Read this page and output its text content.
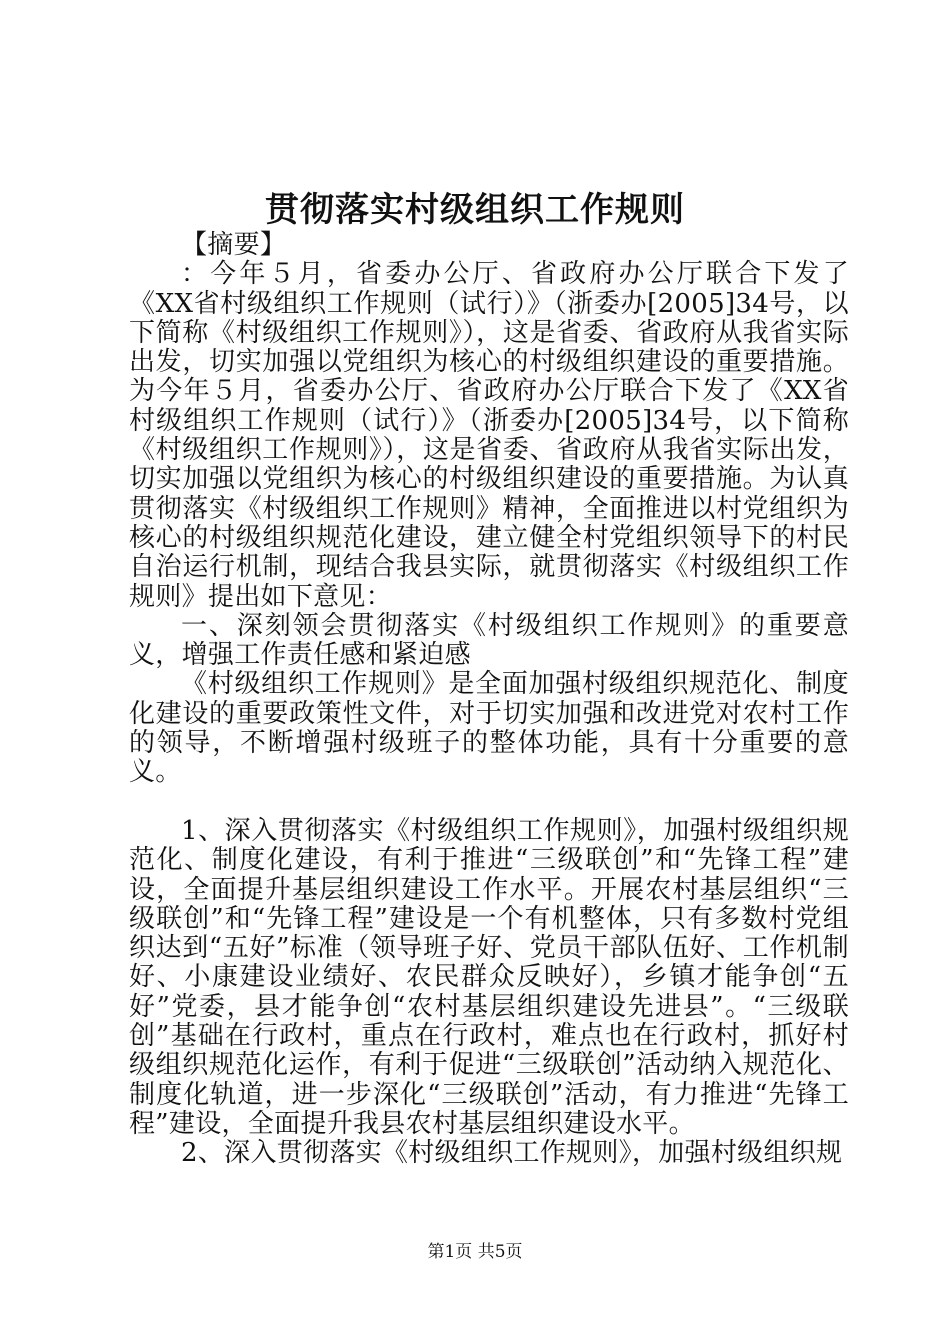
贯彻落实村级组织工作规则

【摘要】

：今年５月，省委办公厅、省政府办公厅联合下发了《XX省村级组织工作规则（试行）》（浙委办[2005]34号，以下简称《村级组织工作规则》），这是省委、省政府从我省实际出发，切实加强以党组织为核心的村级组织建设的重要措施。为今年５月，省委办公厅、省政府办公厅联合下发了《XX省村级组织工作规则（试行）》（浙委办[2005]34号，以下简称《村级组织工作规则》），这是省委、省政府从我省实际出发，切实加强以党组织为核心的村级组织建设的重要措施。为认真贯彻落实《村级组织工作规则》精神，全面推进以村党组织为核心的村级组织规范化建设，建立健全村党组织领导下的村民自治运行机制，现结合我县实际，就贯彻落实《村级组织工作规则》提出如下意见：

一、深刻领会贯彻落实《村级组织工作规则》的重要意义，增强工作责任感和紧迫感

《村级组织工作规则》是全面加强村级组织规范化、制度化建设的重要政策性文件，对于切实加强和改进党对农村工作的领导，不断增强村级班子的整体功能，具有十分重要的意义。

1、深入贯彻落实《村级组织工作规则》，加强村级组织规范化、制度化建设，有利于推进“三级联创”和“先锋工程”建设，全面提升基层组织建设工作水平。开展农村基层组织“三级联创”和“先锋工程”建设是一个有机整体，只有多数村党组织达到“五好”标准（领导班子好、党员干部队伍好、工作机制好、小康建设业绩好、农民群众反映好），乡镇才能争创“五好”党委，县才能争创“农村基层组织建设先进县”。“三级联创”基础在行政村，重点在行政村，难点也在行政村，抓好村级组织规范化运作，有利于促进“三级联创”活动纳入规范化、制度化轨道，进一步深化“三级联创”活动，有力推进“先锋工程”建设，全面提升我县农村基层组织建设水平。

2、深入贯彻落实《村级组织工作规则》，加强村级组织规

第1页 共5页
